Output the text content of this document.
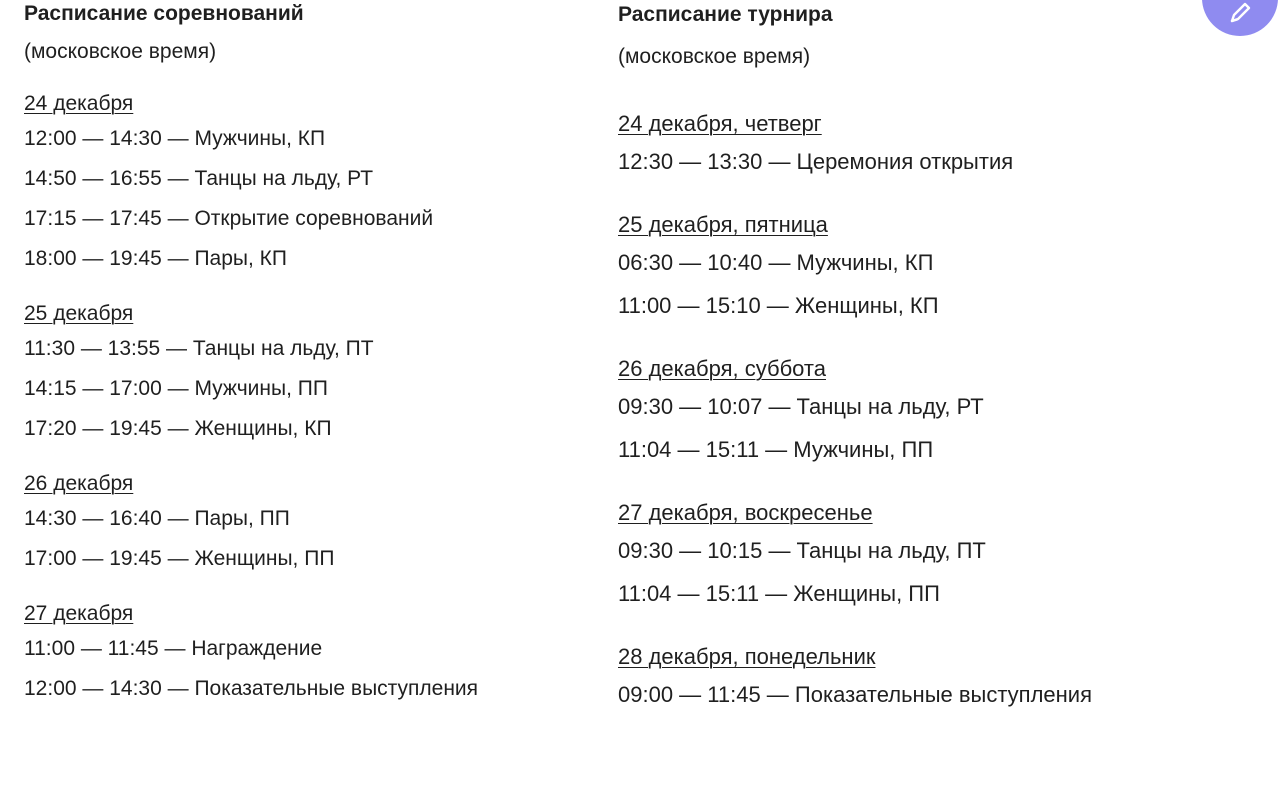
Расписание соревнований
(московское время)
24 декабря
12:00 — 14:30 — Мужчины, КП
14:50 — 16:55 — Танцы на льду, РТ
17:15 — 17:45 — Открытие соревнований
18:00 — 19:45 — Пары, КП
25 декабря
11:30 — 13:55 — Танцы на льду, ПТ
14:15 — 17:00 — Мужчины, ПП
17:20 — 19:45 — Женщины, КП
26 декабря
14:30 — 16:40 — Пары, ПП
17:00 — 19:45 — Женщины, ПП
27 декабря
11:00 — 11:45 — Награждение
12:00 — 14:30 — Показательные выступления
Расписание турнира
(московское время)
24 декабря, четверг
12:30 — 13:30 — Церемония открытия
25 декабря, пятница
06:30 — 10:40 — Мужчины, КП
11:00 — 15:10 — Женщины, КП
26 декабря, суббота
09:30 — 10:07 — Танцы на льду, РТ
11:04 — 15:11 — Мужчины, ПП
27 декабря, воскресенье
09:30 — 10:15 — Танцы на льду, ПТ
11:04 — 15:11 — Женщины, ПП
28 декабря, понедельник
09:00 — 11:45 — Показательные выступления
